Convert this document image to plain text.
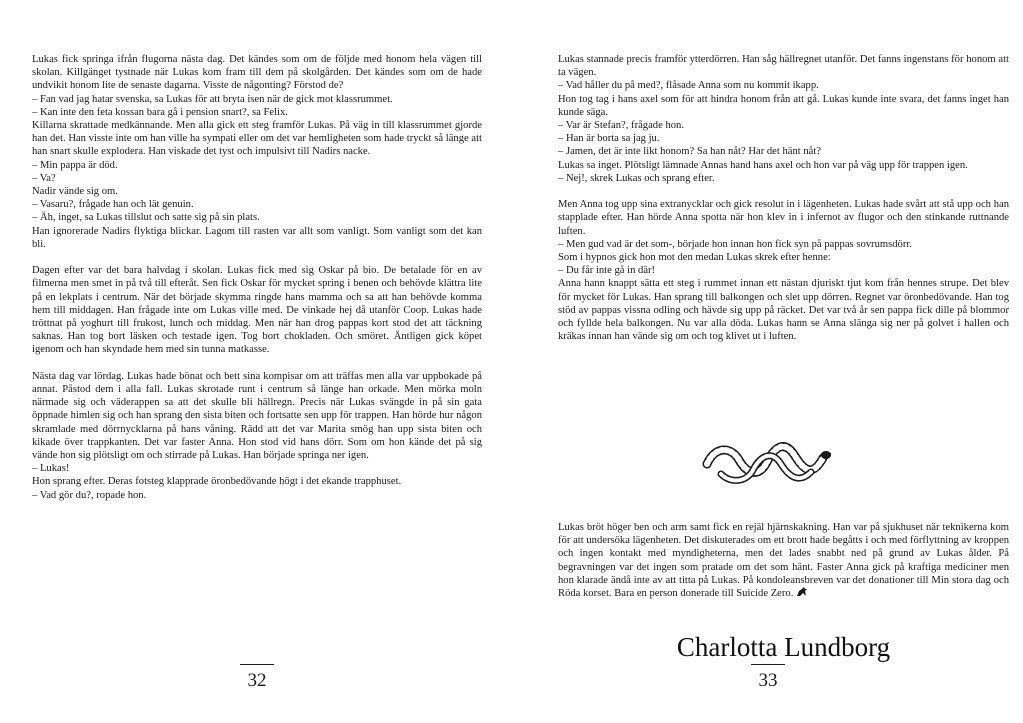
Lukas fick springa ifrån flugorna nästa dag. Det kändes som om de följde med honom hela vägen till skolan. Killgänget tystnade när Lukas kom fram till dem på skolgården. Det kändes som om de hade undvikit honom lite de senaste dagarna. Visste de någonting? Förstod de?

– Fan vad jag hatar svenska, sa Lukas för att bryta isen när de gick mot klassrummet.

– Kan inte den feta kossan bara gå i pension snart?, sa Felix.

Killarna skrattade medkännande. Men alla gick ett steg framför Lukas. På väg in till klassrummet gjorde han det. Han visste inte om han ville ha sympati eller om det var hemligheten som hade tryckt så länge att han snart skulle explodera. Han viskade det tyst och impulsivt till Nadirs nacke.

– Min pappa är död.

– Va?

Nadir vände sig om.

– Vasaru?, frågade han och lät genuin.

– Äh, inget, sa Lukas tillslut och satte sig på sin plats.

Han ignorerade Nadirs flyktiga blickar. Lagom till rasten var allt som vanligt. Som vanligt som det kan bli.

Dagen efter var det bara halvdag i skolan. Lukas fick med sig Oskar på bio. De betalade för en av filmerna men smet in på två till efteråt. Sen fick Oskar för mycket spring i benen och behövde klättra lite på en lekplats i centrum. När det började skymma ringde hans mamma och sa att han behövde komma hem till middagen. Han frågade inte om Lukas ville med. De vinkade hej då utanför Coop. Lukas hade tröttnat på yoghurt till frukost, lunch och middag. Men när han drog pappas kort stod det att täckning saknas. Han tog bort läsken och testade igen. Tog bort chokladen. Och smöret. Äntligen gick köpet igenom och han skyndade hem med sin tunna matkasse.

Nästa dag var lördag. Lukas hade bönat och bett sina kompisar om att träffas men alla var uppbokade på annat. Påstod dem i alla fall. Lukas skrotade runt i centrum så länge han orkade. Men mörka moln närmade sig och väderappen sa att det skulle bli hällregn. Precis när Lukas svängde in på sin gata öppnade himlen sig och han sprang den sista biten och fortsatte sen upp för trappen. Han hörde hur någon skramlade med dörrnycklarna på hans våning. Rädd att det var Marita smög han upp sista biten och kikade över trappkanten. Det var faster Anna. Hon stod vid hans dörr. Som om hon kände det på sig vände hon sig plötsligt om och stirrade på Lukas. Han började springa ner igen.

– Lukas!

Hon sprang efter. Deras fotsteg klapprade öronbedövande högt i det ekande trapphuset.

– Vad gör du?, ropade hon.

32

Lukas stannade precis framför ytterdörren. Han såg hällregnet utanför. Det fanns ingenstans för honom att ta vägen.

– Vad håller du på med?, flåsade Anna som nu kommit ikapp.

Hon tog tag i hans axel som för att hindra honom från att gå. Lukas kunde inte svara, det fanns inget han kunde säga.

– Var är Stefan?, frågade hon.

– Han är borta sa jag ju.

– Jamen, det är inte likt honom? Sa han nåt? Har det hänt nåt?

Lukas sa inget. Plötsligt lämnade Annas hand hans axel och hon var på väg upp för trappen igen.

– Nej!, skrek Lukas och sprang efter.

Men Anna tog upp sina extranycklar och gick resolut in i lägenheten. Lukas hade svårt att stå upp och han stapplade efter. Han hörde Anna spotta när hon klev in i infernot av flugor och den stinkande ruttnande luften.

– Men gud vad är det som-, började hon innan hon fick syn på pappas sovrumsdörr.

Som i hypnos gick hon mot den medan Lukas skrek efter henne:

– Du får inte gå in där!

Anna hann knappt sätta ett steg i rummet innan ett nästan djuriskt tjut kom från hennes strupe. Det blev för mycket för Lukas. Han sprang till balkongen och slet upp dörren. Regnet var öronbedövande. Han tog stöd av pappas vissna odling och hävde sig upp på räcket. Det var två år sen pappa fick dille på blommor och fyllde hela balkongen. Nu var alla döda. Lukas hann se Anna slänga sig ner på golvet i hallen och kräkas innan han vände sig om och tog klivet ut i luften.

Lukas bröt höger ben och arm samt fick en rejäl hjärnskakning. Han var på sjukhuset när teknikerna kom för att undersöka lägenheten. Det diskuterades om ett brott hade begåtts i och med förflyttning av kroppen och ingen kontakt med myndigheterna, men det lades snabbt ned på grund av Lukas ålder. På begravningen var det ingen som pratade om det som hänt. Faster Anna gick på kraftiga mediciner men hon klarade ändå inte av att titta på Lukas. På kondoleansbreven var det donationer till Min stora dag och Röda korset. Bara en person donerade till Suicide Zero.

Charlotta Lundborg
33
